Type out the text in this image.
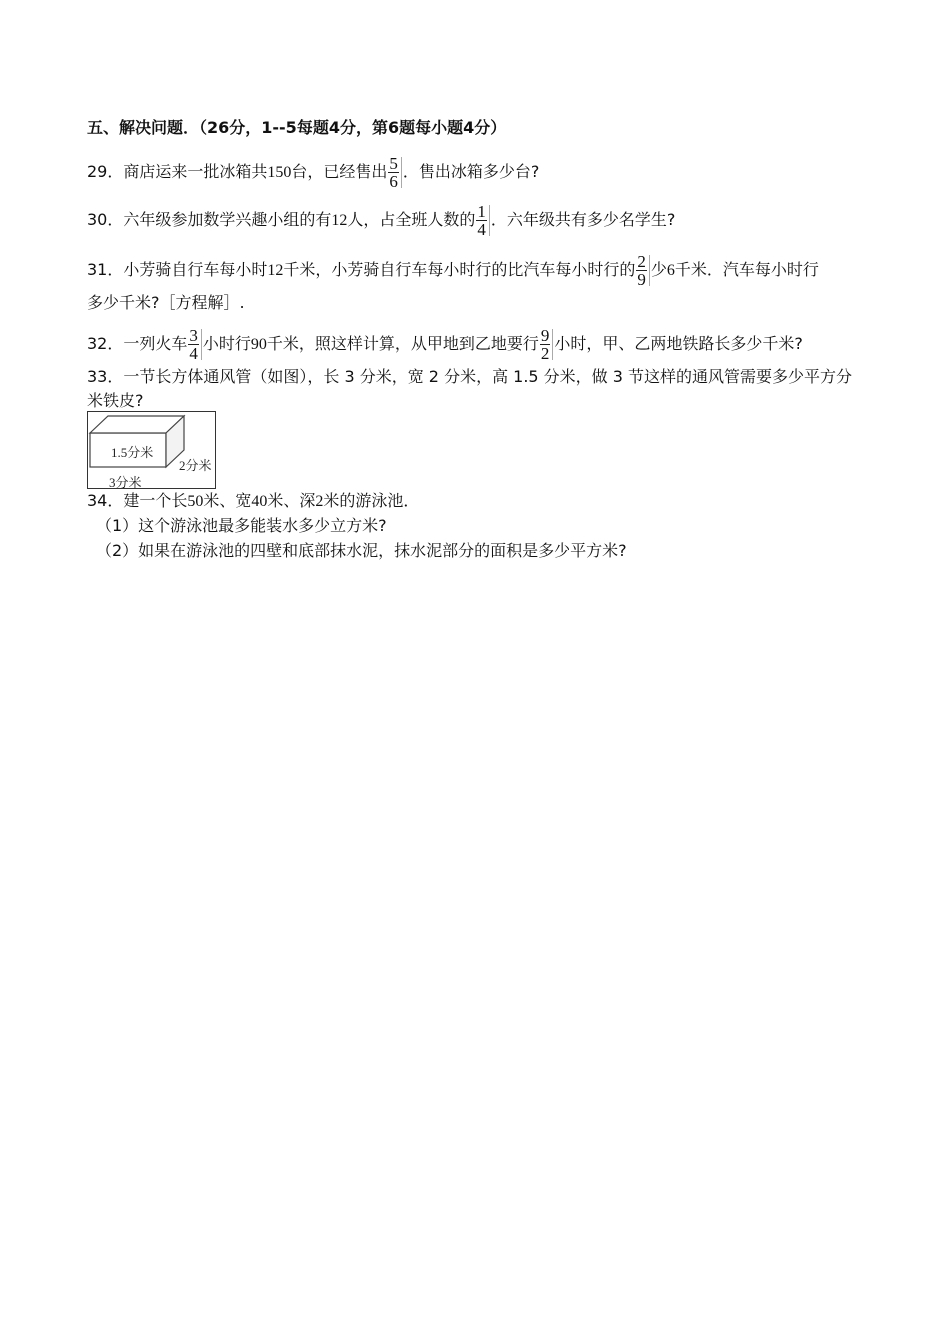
五、解决问题．（26分，1--5每题4分，第6题每小题4分）
29．商店运来一批冰箱共150台，已经售出 $\frac{5}{6}$ ．售出冰箱多少台?
30．六年级参加数学兴趣小组的有12人，占全班人数的 $\frac{1}{4}$ ．六年级共有多少名学生?
31．小芳骑自行车每小时12千米，小芳骑自行车每小时行的比汽车每小时行的 $\frac{2}{9}$ 少6千米．汽车每小时行
多少千米?［方程解］.
32．一列火车 $\frac{3}{4}$ 小时行90千米，照这样计算，从甲地到乙地要行 $\frac{9}{2}$ 小时，甲、乙两地铁路长多少千米?
33．一节长方体通风管（如图），长 3 分米，宽 2 分米，高 1.5 分米，做 3 节这样的通风管需要多少平方分
米铁皮?
1.5分米
2分米
3分米
34．建一个长50米、宽40米、深2米的游泳池．
（1）这个游泳池最多能装水多少立方米?
（2）如果在游泳池的四壁和底部抹水泥，抹水泥部分的面积是多少平方米?
